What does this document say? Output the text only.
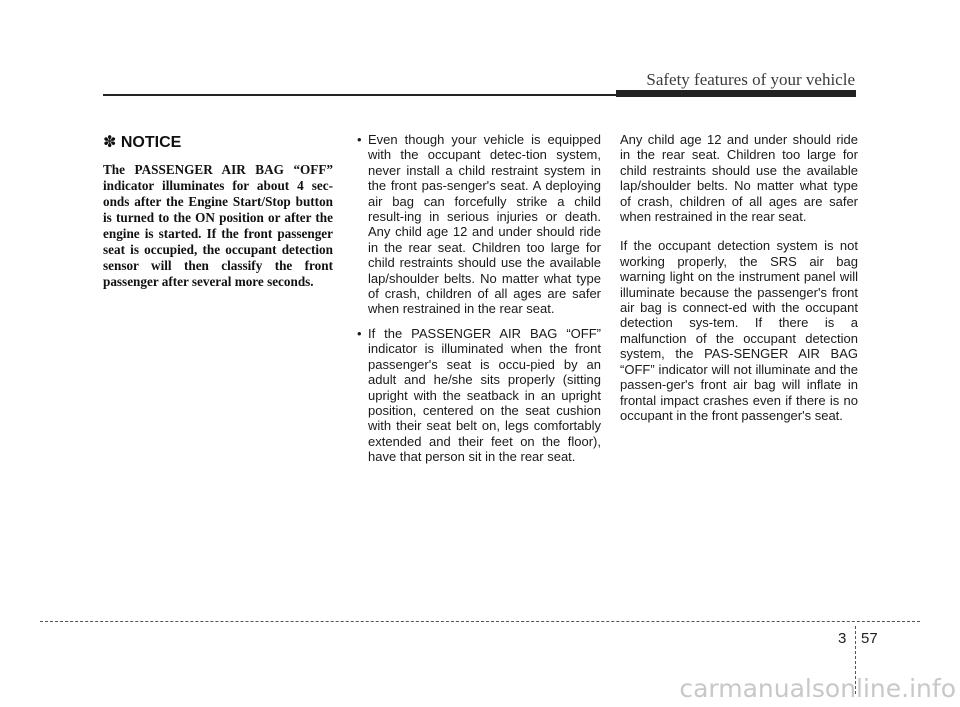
Safety features of your vehicle
✽ NOTICE

The PASSENGER AIR BAG “OFF” indicator illuminates for about 4 sec-onds after the Engine Start/Stop button is turned to the ON position or after the engine is started. If the front passenger seat is occupied, the occupant detection sensor will then classify the front passenger after several more seconds.

• Even though your vehicle is equipped with the occupant detec-tion system, never install a child restraint system in the front pas-senger's seat. A deploying air bag can forcefully strike a child result-ing in serious injuries or death. Any child age 12 and under should ride in the rear seat. Children too large for child restraints should use the available lap/shoulder belts. No matter what type of crash, children of all ages are safer when restrained in the rear seat.
• If the PASSENGER AIR BAG “OFF” indicator is illuminated when the front passenger's seat is occu-pied by an adult and he/she sits properly (sitting upright with the seatback in an upright position, centered on the seat cushion with their seat belt on, legs comfortably extended and their feet on the floor), have that person sit in the rear seat.

Any child age 12 and under should ride in the rear seat. Children too large for child restraints should use the available lap/shoulder belts. No matter what type of crash, children of all ages are safer when restrained in the rear seat.

If the occupant detection system is not working properly, the SRS air bag warning light on the instrument panel will illuminate because the passenger's front air bag is connect-ed with the occupant detection sys-tem. If there is a malfunction of the occupant detection system, the PAS-SENGER AIR BAG “OFF” indicator will not illuminate and the passen-ger's front air bag will inflate in frontal impact crashes even if there is no occupant in the front passenger's seat.

3 57
carmanualsonline.info
